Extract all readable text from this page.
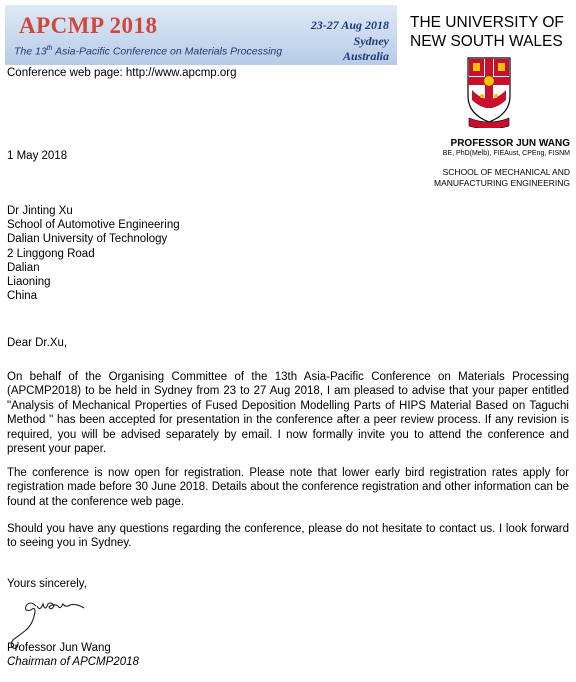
APCMP 2018
The 13th Asia-Pacific Conference on Materials Processing
23-27 Aug 2018
Sydney
Australia
Conference web page: http://www.apcmp.org
THE UNIVERSITY OF
NEW SOUTH WALES
PROFESSOR JUN WANG
BE, PhD(Melb), FIEAust, CPEng, FISNM
SCHOOL OF MECHANICAL AND
MANUFACTURING ENGINEERING
1 May 2018
Dr Jinting Xu
School of Automotive Engineering
Dalian University of Technology
2 Linggong Road
Dalian
Liaoning
China
Dear Dr.Xu,
On behalf of the Organising Committee of the 13th Asia-Pacific Conference on Materials Processing (APCMP2018) to be held in Sydney from 23 to 27 Aug 2018, I am pleased to advise that your paper entitled "Analysis of Mechanical Properties of Fused Deposition Modelling Parts of HIPS Material Based on Taguchi Method " has been accepted for presentation in the conference after a peer review process. If any revision is required, you will be advised separately by email. I now formally invite you to attend the conference and present your paper.
The conference is now open for registration. Please note that lower early bird registration rates apply for registration made before 30 June 2018. Details about the conference registration and other information can be found at the conference web page.
Should you have any questions regarding the conference, please do not hesitate to contact us. I look forward to seeing you in Sydney.
Yours sincerely,
Professor Jun Wang
Chairman of APCMP2018
